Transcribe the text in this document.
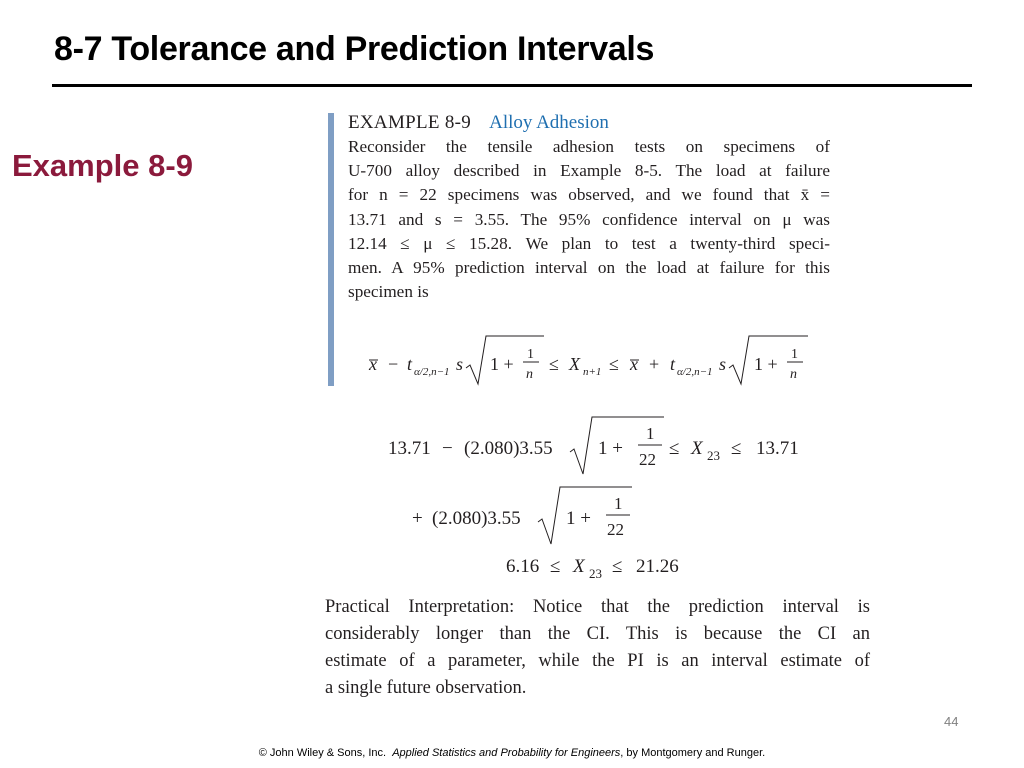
8-7 Tolerance and Prediction Intervals
Example 8-9
EXAMPLE 8-9 Alloy Adhesion
Reconsider the tensile adhesion tests on specimens of
U-700 alloy described in Example 8-5. The load at failure
for n = 22 specimens was observed, and we found that x̄ =
13.71 and s = 3.55. The 95% confidence interval on μ was
12.14 ≤ μ ≤ 15.28. We plan to test a twenty-third speci-
men. A 95% prediction interval on the load at failure for this
specimen is
x − t α/2,n−1 s 1 + 1
n
≤ X n+1 ≤ x + t α/2,n−1 s 1 + 1
n
13.71 − (2.080)3.55 1 +
1
22
≤ X 23 ≤ 13.71
+ (2.080)3.55 1 +
1
22
6.16 ≤ X 23 ≤ 21.26
Practical Interpretation: Notice that the prediction interval is
considerably longer than the CI. This is because the CI an
estimate of a parameter, while the PI is an interval estimate of
a single future observation.
44
© John Wiley & Sons, Inc. Applied Statistics and Probability for Engineers, by Montgomery and Runger.
